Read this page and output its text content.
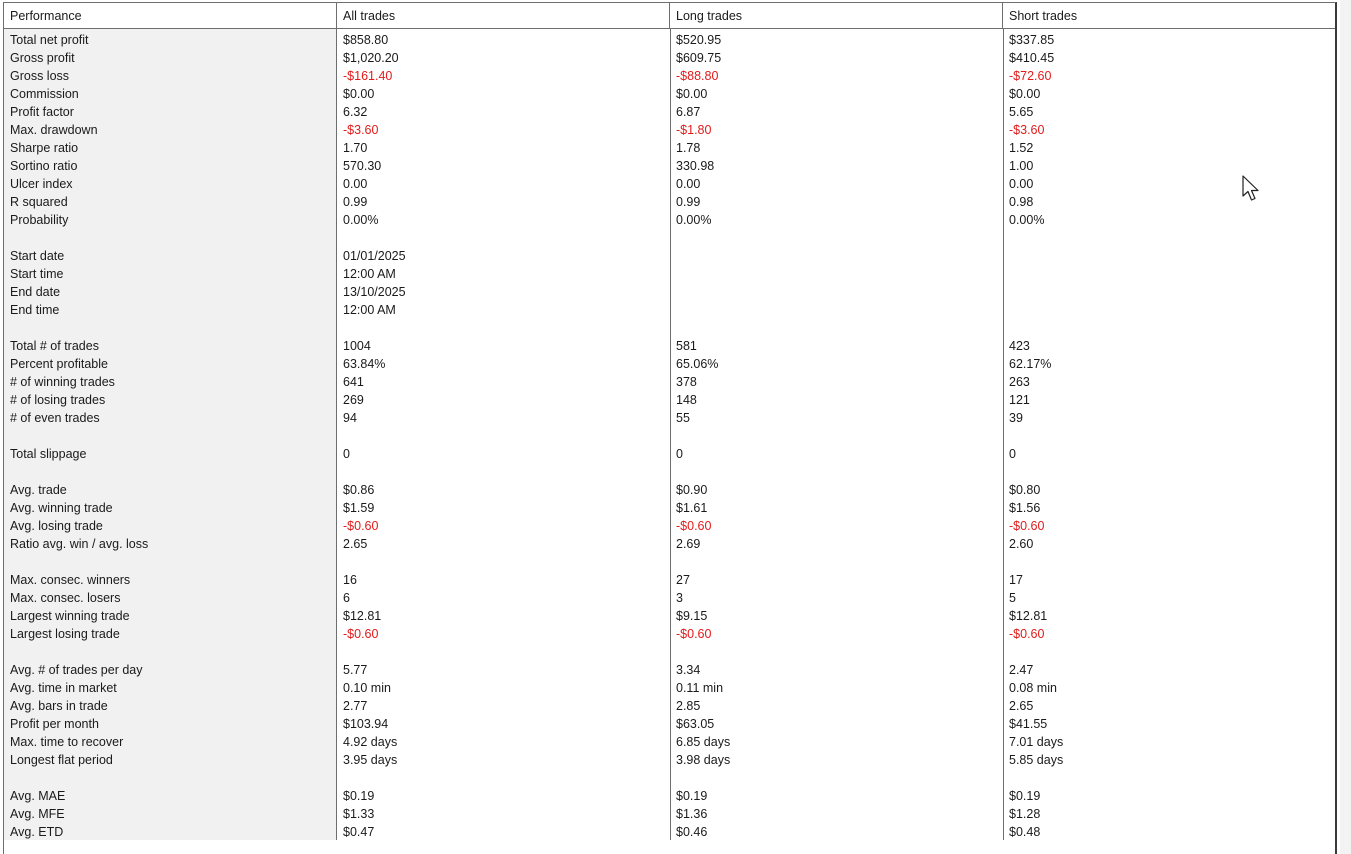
Performance	All trades	Long trades	Short trades
Total net profit	$858.80	$520.95	$337.85
Gross profit	$1,020.20	$609.75	$410.45
Gross loss	-$161.40	-$88.80	-$72.60
Commission	$0.00	$0.00	$0.00
Profit factor	6.32	6.87	5.65
Max. drawdown	-$3.60	-$1.80	-$3.60
Sharpe ratio	1.70	1.78	1.52
Sortino ratio	570.30	330.98	1.00
Ulcer index	0.00	0.00	0.00
R squared	0.99	0.99	0.98
Probability	0.00%	0.00%	0.00%
Start date	01/01/2025
Start time	12:00 AM
End date	13/10/2025
End time	12:00 AM
Total # of trades	1004	581	423
Percent profitable	63.84%	65.06%	62.17%
# of winning trades	641	378	263
# of losing trades	269	148	121
# of even trades	94	55	39
Total slippage	0	0	0
Avg. trade	$0.86	$0.90	$0.80
Avg. winning trade	$1.59	$1.61	$1.56
Avg. losing trade	-$0.60	-$0.60	-$0.60
Ratio avg. win / avg. loss	2.65	2.69	2.60
Max. consec. winners	16	27	17
Max. consec. losers	6	3	5
Largest winning trade	$12.81	$9.15	$12.81
Largest losing trade	-$0.60	-$0.60	-$0.60
Avg. # of trades per day	5.77	3.34	2.47
Avg. time in market	0.10 min	0.11 min	0.08 min
Avg. bars in trade	2.77	2.85	2.65
Profit per month	$103.94	$63.05	$41.55
Max. time to recover	4.92 days	6.85 days	7.01 days
Longest flat period	3.95 days	3.98 days	5.85 days
Avg. MAE	$0.19	$0.19	$0.19
Avg. MFE	$1.33	$1.36	$1.28
Avg. ETD	$0.47	$0.46	$0.48
